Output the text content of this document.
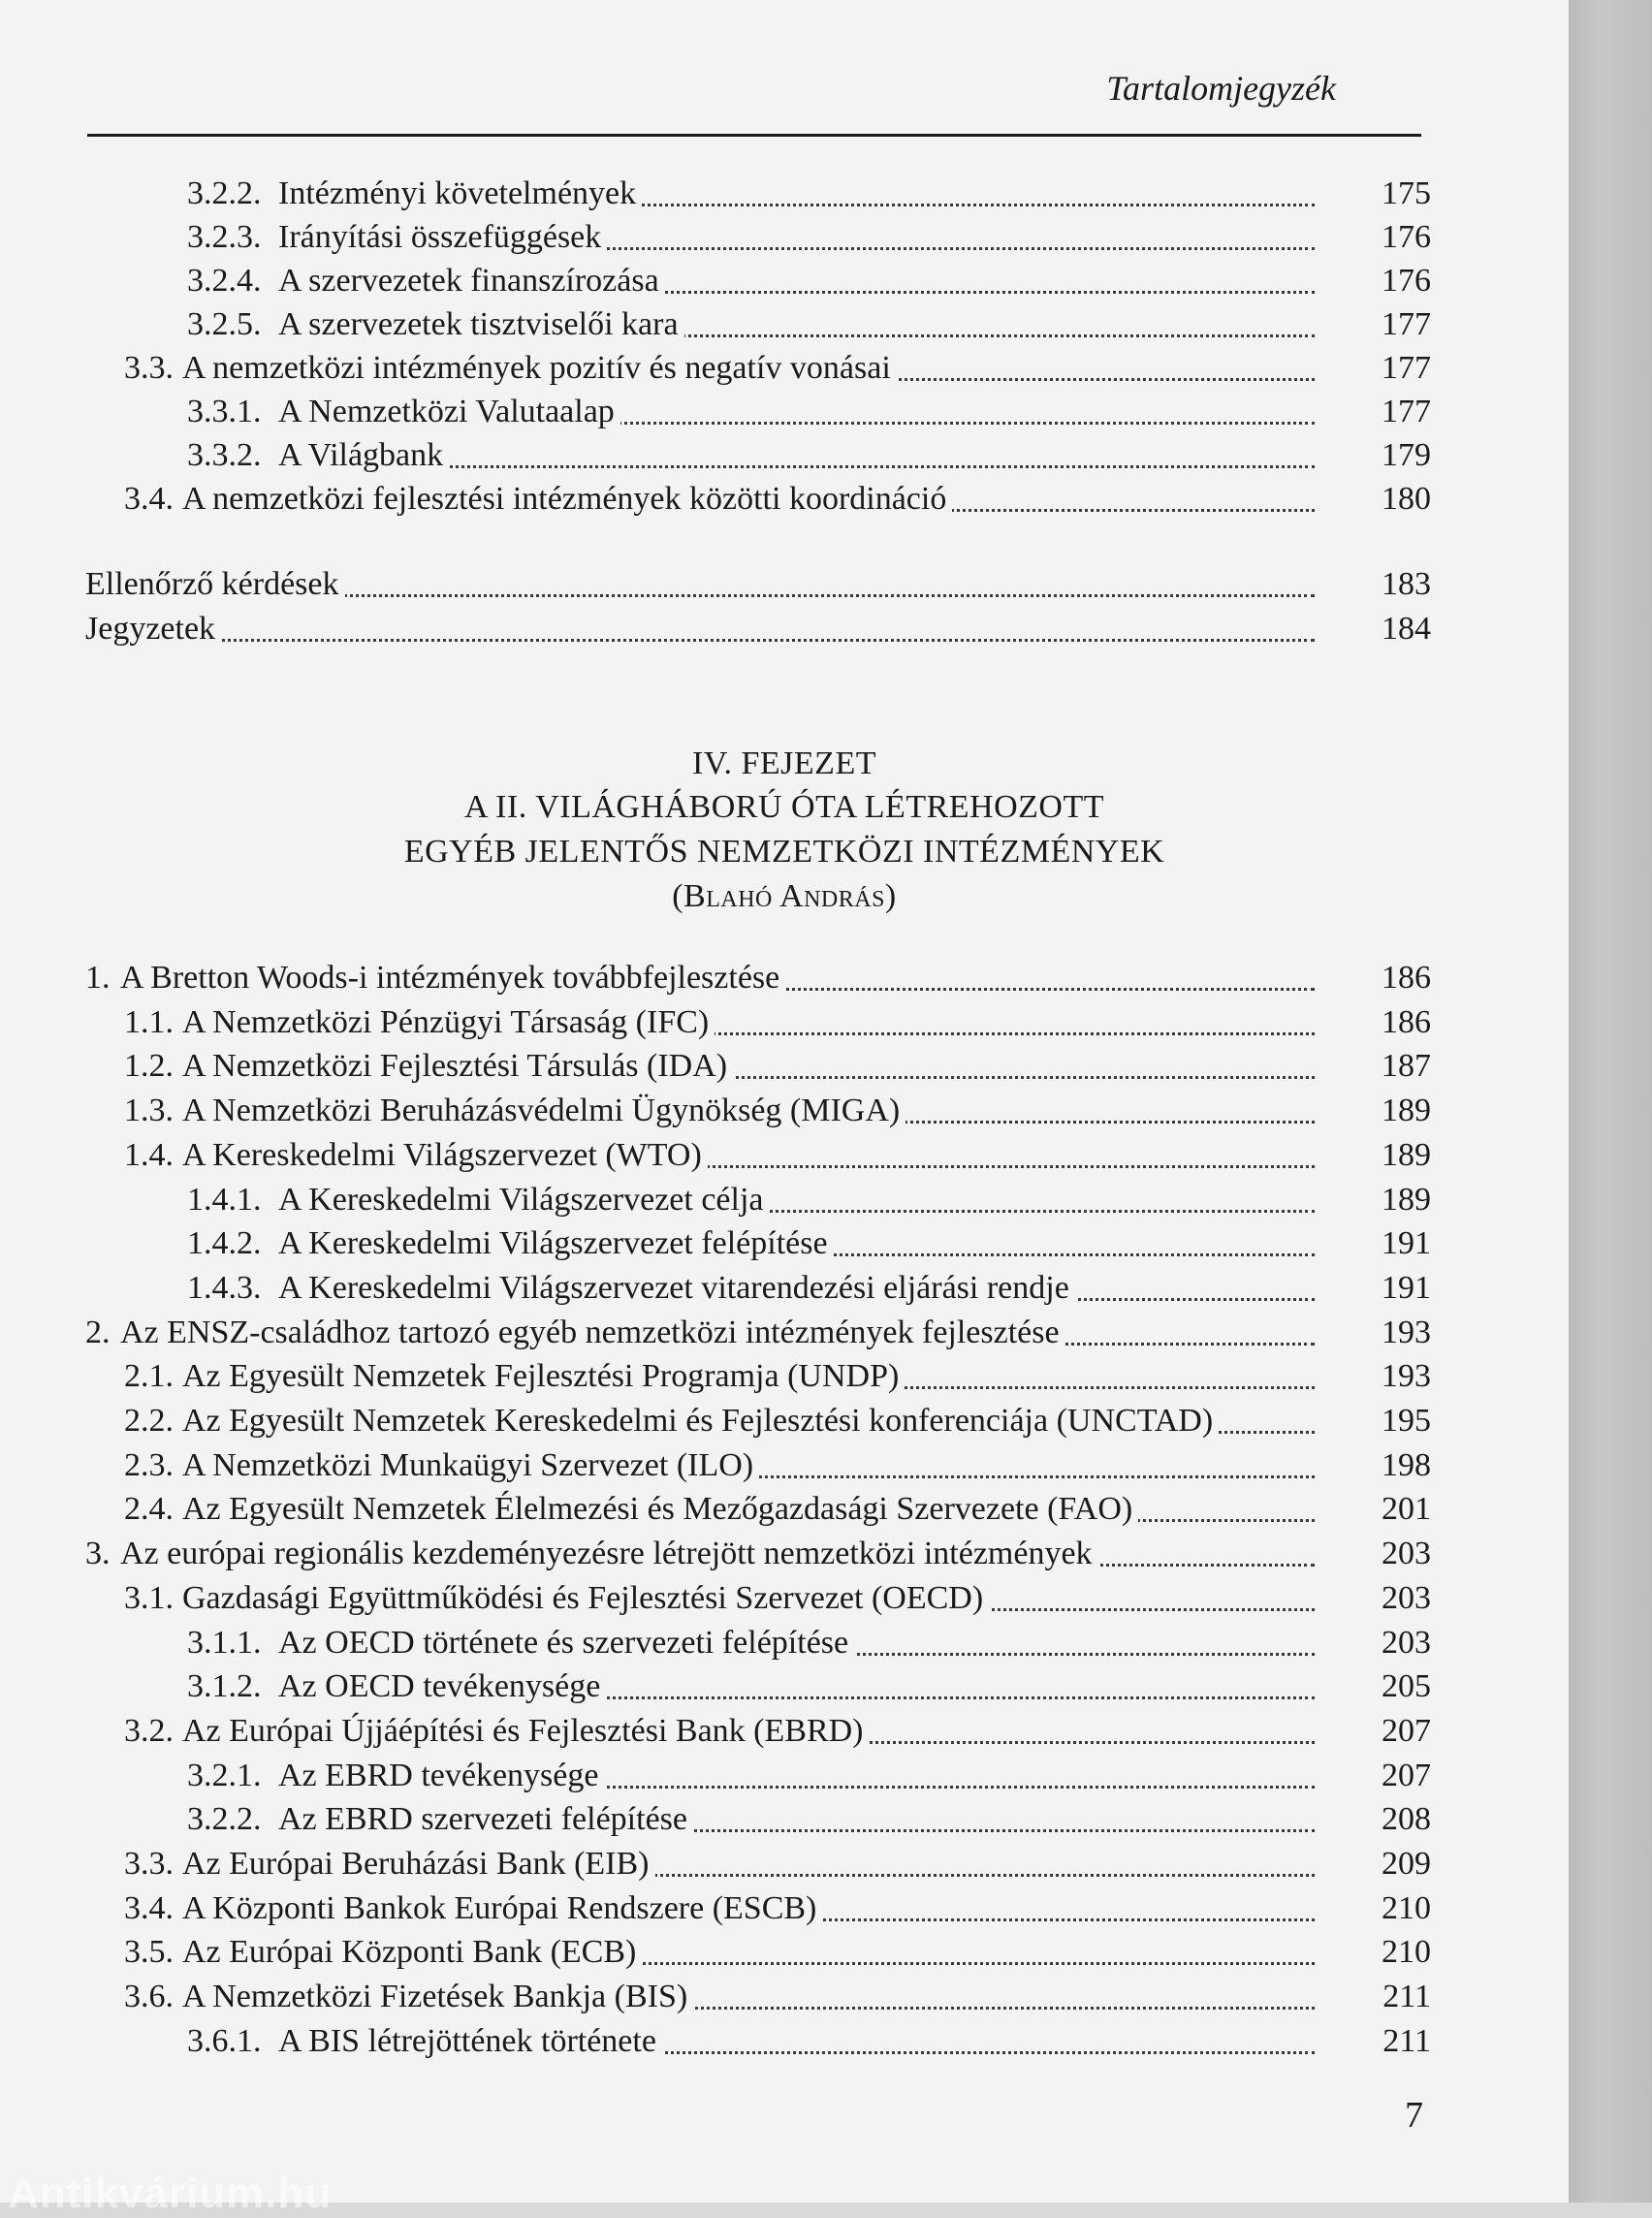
Tartalomjegyzék
3.2.2. Intézményi követelmények	175
3.2.3. Irányítási összefüggések	176
3.2.4. A szervezetek finanszírozása	176
3.2.5. A szervezetek tisztviselői kara	177
3.3. A nemzetközi intézmények pozitív és negatív vonásai	177
3.3.1. A Nemzetközi Valutaalap	177
3.3.2. A Világbank	179
3.4. A nemzetközi fejlesztési intézmények közötti koordináció	180
Ellenőrző kérdések	183
Jegyzetek	184
IV. FEJEZET
A II. VILÁGHÁBORÚ ÓTA LÉTREHOZOTT
EGYÉB JELENTŐS NEMZETKÖZI INTÉZMÉNYEK
(Blahó András)
1. A Bretton Woods-i intézmények továbbfejlesztése	186
1.1. A Nemzetközi Pénzügyi Társaság (IFC)	186
1.2. A Nemzetközi Fejlesztési Társulás (IDA)	187
1.3. A Nemzetközi Beruházásvédelmi Ügynökség (MIGA)	189
1.4. A Kereskedelmi Világszervezet (WTO)	189
1.4.1. A Kereskedelmi Világszervezet célja	189
1.4.2. A Kereskedelmi Világszervezet felépítése	191
1.4.3. A Kereskedelmi Világszervezet vitarendezési eljárási rendje	191
2. Az ENSZ-családhoz tartozó egyéb nemzetközi intézmények fejlesztése	193
2.1. Az Egyesült Nemzetek Fejlesztési Programja (UNDP)	193
2.2. Az Egyesült Nemzetek Kereskedelmi és Fejlesztési konferenciája (UNCTAD)	195
2.3. A Nemzetközi Munkaügyi Szervezet (ILO)	198
2.4. Az Egyesült Nemzetek Élelmezési és Mezőgazdasági Szervezete (FAO)	201
3. Az európai regionális kezdeményezésre létrejött nemzetközi intézmények	203
3.1. Gazdasági Együttműködési és Fejlesztési Szervezet (OECD)	203
3.1.1. Az OECD története és szervezeti felépítése	203
3.1.2. Az OECD tevékenysége	205
3.2. Az Európai Újjáépítési és Fejlesztési Bank (EBRD)	207
3.2.1. Az EBRD tevékenysége	207
3.2.2. Az EBRD szervezeti felépítése	208
3.3. Az Európai Beruházási Bank (EIB)	209
3.4. A Központi Bankok Európai Rendszere (ESCB)	210
3.5. Az Európai Központi Bank (ECB)	210
3.6. A Nemzetközi Fizetések Bankja (BIS)	211
3.6.1. A BIS létrejöttének története	211
7
Antikvárium.hu
